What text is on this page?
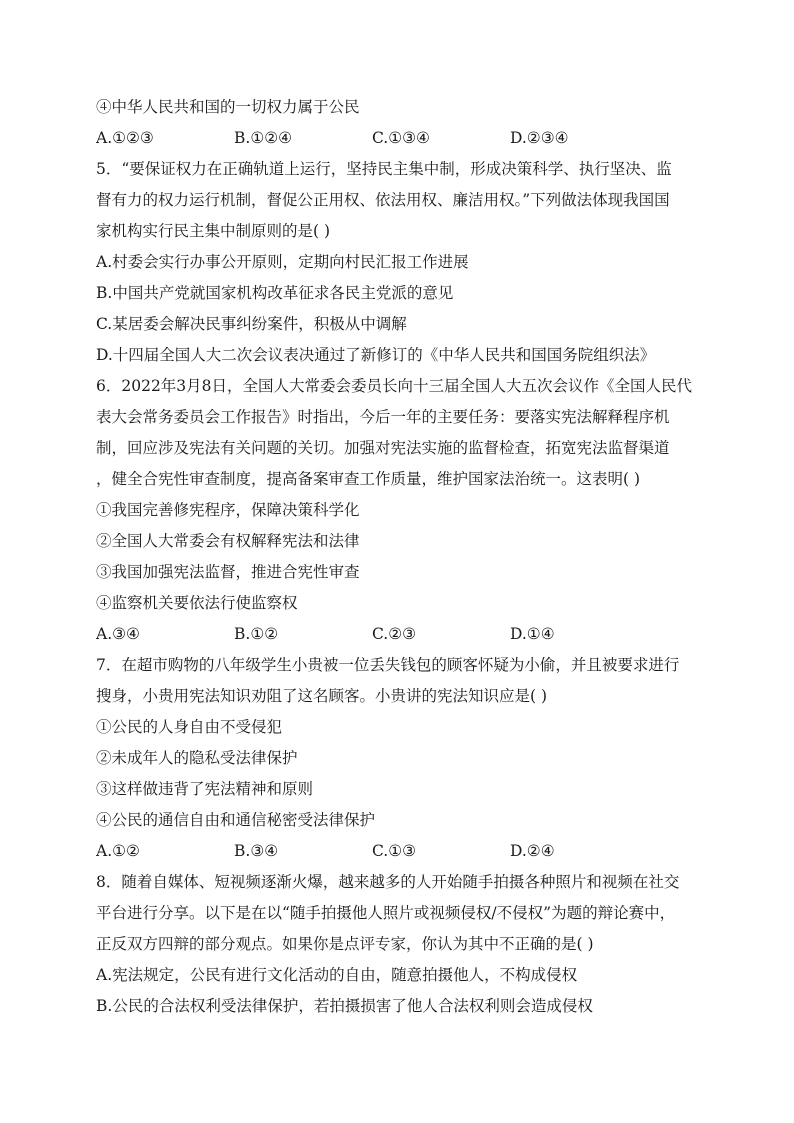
④中华人民共和国的一切权力属于公民
A.①②③	B.①②④	C.①③④	D.②③④
5．“要保证权力在正确轨道上运行，坚持民主集中制，形成决策科学、执行坚决、监
督有力的权力运行机制，督促公正用权、依法用权、廉洁用权。”下列做法体现我国国
家机构实行民主集中制原则的是( )
A.村委会实行办事公开原则，定期向村民汇报工作进展
B.中国共产党就国家机构改革征求各民主党派的意见
C.某居委会解决民事纠纷案件，积极从中调解
D.十四届全国人大二次会议表决通过了新修订的《中华人民共和国国务院组织法》
6．2022年3月8日，全国人大常委会委员长向十三届全国人大五次会议作《全国人民代
表大会常务委员会工作报告》时指出，今后一年的主要任务：要落实宪法解释程序机
制，回应涉及宪法有关问题的关切。加强对宪法实施的监督检查，拓宽宪法监督渠道
，健全合宪性审查制度，提高备案审查工作质量，维护国家法治统一。这表明( )
①我国完善修宪程序，保障决策科学化
②全国人大常委会有权解释宪法和法律
③我国加强宪法监督，推进合宪性审查
④监察机关要依法行使监察权
A.③④	B.①②	C.②③	D.①④
7．在超市购物的八年级学生小贵被一位丢失钱包的顾客怀疑为小偷，并且被要求进行
搜身，小贵用宪法知识劝阻了这名顾客。小贵讲的宪法知识应是( )
①公民的人身自由不受侵犯
②未成年人的隐私受法律保护
③这样做违背了宪法精神和原则
④公民的通信自由和通信秘密受法律保护
A.①②	B.③④	C.①③	D.②④
8．随着自媒体、短视频逐渐火爆，越来越多的人开始随手拍摄各种照片和视频在社交
平台进行分享。以下是在以“随手拍摄他人照片或视频侵权/不侵权”为题的辩论赛中，
正反双方四辩的部分观点。如果你是点评专家，你认为其中不正确的是( )
A.宪法规定，公民有进行文化活动的自由，随意拍摄他人，不构成侵权
B.公民的合法权利受法律保护，若拍摄损害了他人合法权利则会造成侵权
